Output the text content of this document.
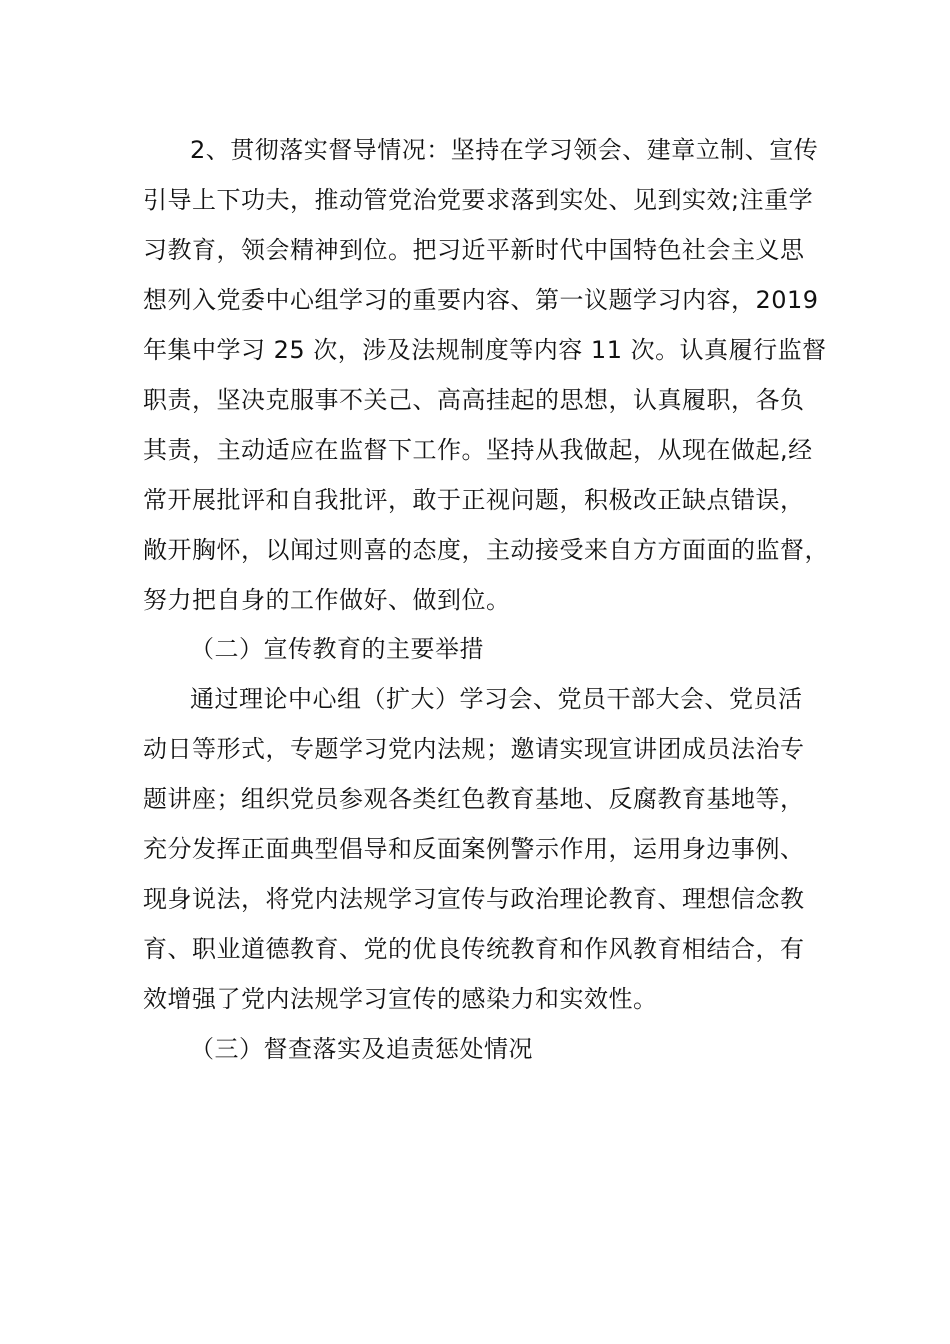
2、贯彻落实督导情况：坚持在学习领会、建章立制、宣传
引导上下功夫，推动管党治党要求落到实处、见到实效;注重学
习教育，领会精神到位。把习近平新时代中国特色社会主义思
想列入党委中心组学习的重要内容、第一议题学习内容，2019
年集中学习 25 次，涉及法规制度等内容 11 次。认真履行监督
职责，坚决克服事不关己、高高挂起的思想，认真履职，各负
其责，主动适应在监督下工作。坚持从我做起，从现在做起,经
常开展批评和自我批评，敢于正视问题，积极改正缺点错误，
敞开胸怀，以闻过则喜的态度，主动接受来自方方面面的监督，
努力把自身的工作做好、做到位。
（二）宣传教育的主要举措
通过理论中心组（扩大）学习会、党员干部大会、党员活
动日等形式，专题学习党内法规；邀请实现宣讲团成员法治专
题讲座；组织党员参观各类红色教育基地、反腐教育基地等，
充分发挥正面典型倡导和反面案例警示作用，运用身边事例、
现身说法，将党内法规学习宣传与政治理论教育、理想信念教
育、职业道德教育、党的优良传统教育和作风教育相结合，有
效增强了党内法规学习宣传的感染力和实效性。
（三）督查落实及追责惩处情况
